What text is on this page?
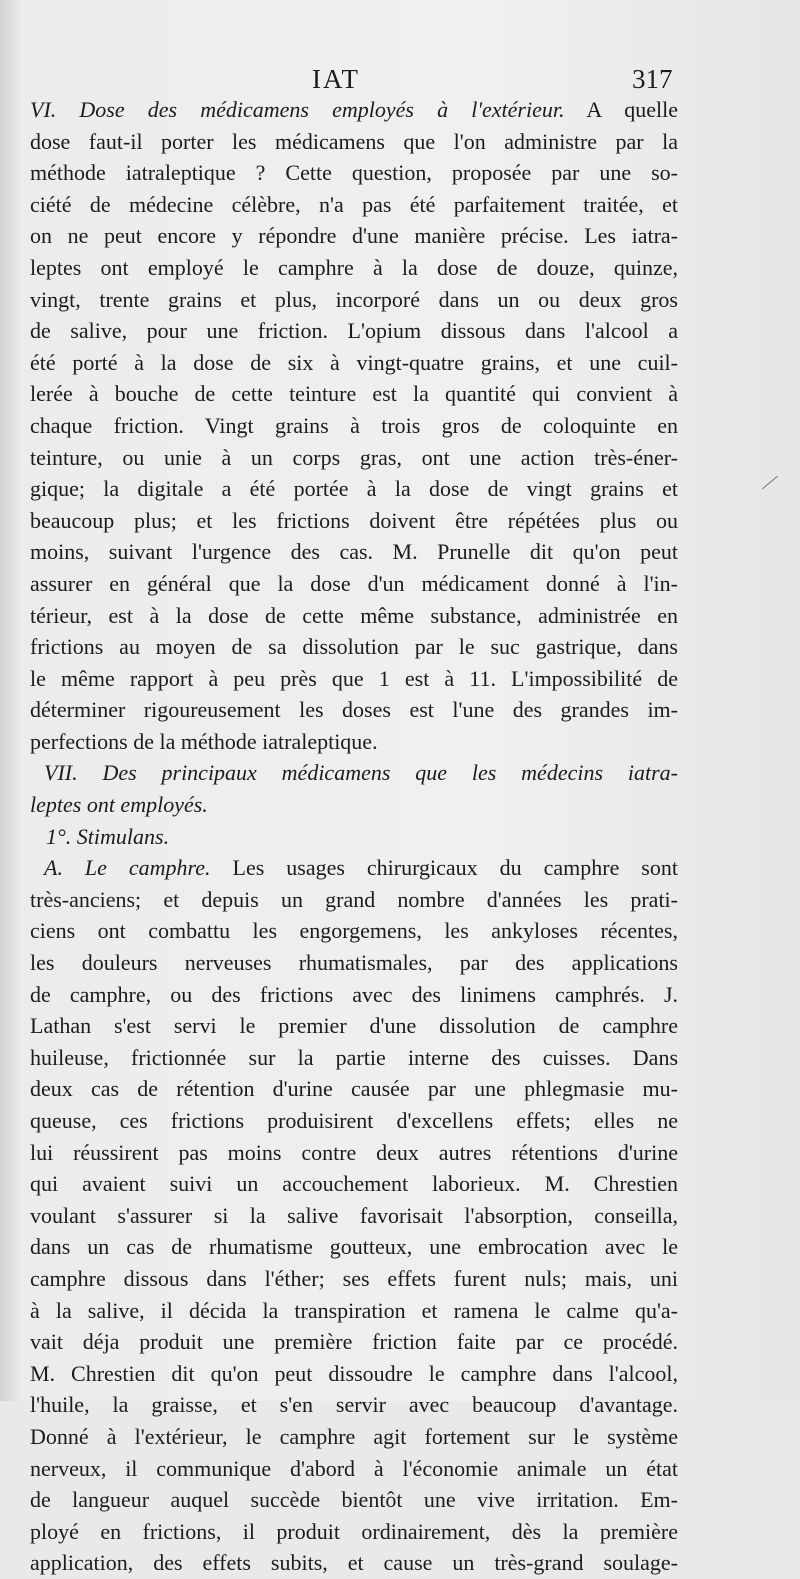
IAT	317
VI. Dose des médicamens employés à l'extérieur. A quelle
dose faut-il porter les médicamens que l'on administre par la
méthode iatraleptique ? Cette question, proposée par une so-
ciété de médecine célèbre, n'a pas été parfaitement traitée, et
on ne peut encore y répondre d'une manière précise. Les iatra-
leptes ont employé le camphre à la dose de douze, quinze,
vingt, trente grains et plus, incorporé dans un ou deux gros
de salive, pour une friction. L'opium dissous dans l'alcool a
été porté à la dose de six à vingt-quatre grains, et une cuil-
lerée à bouche de cette teinture est la quantité qui convient à
chaque friction. Vingt grains à trois gros de coloquinte en
teinture, ou unie à un corps gras, ont une action très-éner-
gique; la digitale a été portée à la dose de vingt grains et
beaucoup plus; et les frictions doivent être répétées plus ou
moins, suivant l'urgence des cas. M. Prunelle dit qu'on peut
assurer en général que la dose d'un médicament donné à l'in-
térieur, est à la dose de cette même substance, administrée en
frictions au moyen de sa dissolution par le suc gastrique, dans
le même rapport à peu près que 1 est à 11. L'impossibilité de
déterminer rigoureusement les doses est l'une des grandes im-
perfections de la méthode iatraleptique.
VII. Des principaux médicamens que les médecins iatra-
leptes ont employés.
1°. Stimulans.
A. Le camphre. Les usages chirurgicaux du camphre sont
très-anciens; et depuis un grand nombre d'années les prati-
ciens ont combattu les engorgemens, les ankyloses récentes,
les douleurs nerveuses rhumatismales, par des applications
de camphre, ou des frictions avec des linimens camphrés. J.
Lathan s'est servi le premier d'une dissolution de camphre
huileuse, frictionnée sur la partie interne des cuisses. Dans
deux cas de rétention d'urine causée par une phlegmasie mu-
queuse, ces frictions produisirent d'excellens effets; elles ne
lui réussirent pas moins contre deux autres rétentions d'urine
qui avaient suivi un accouchement laborieux. M. Chrestien
voulant s'assurer si la salive favorisait l'absorption, conseilla,
dans un cas de rhumatisme goutteux, une embrocation avec le
camphre dissous dans l'éther; ses effets furent nuls; mais, uni
à la salive, il décida la transpiration et ramena le calme qu'a-
vait déja produit une première friction faite par ce procédé.
M. Chrestien dit qu'on peut dissoudre le camphre dans l'alcool,
l'huile, la graisse, et s'en servir avec beaucoup d'avantage.
Donné à l'extérieur, le camphre agit fortement sur le système
nerveux, il communique d'abord à l'économie animale un état
de langueur auquel succède bientôt une vive irritation. Em-
ployé en frictions, il produit ordinairement, dès la première
application, des effets subits, et cause un très-grand soulage-
